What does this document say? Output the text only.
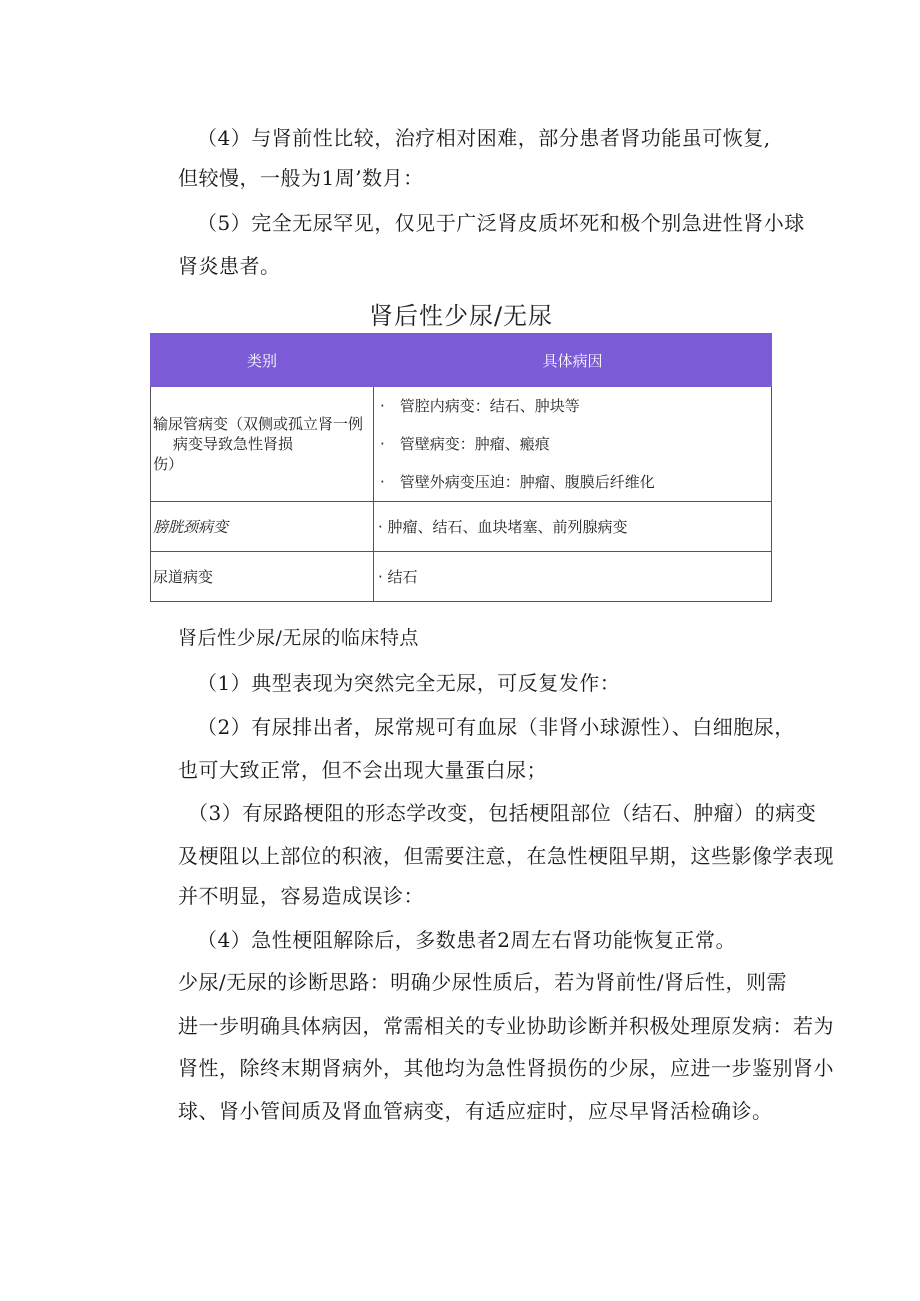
（4）与肾前性比较，治疗相对困难，部分患者肾功能虽可恢复,
但较慢，一般为1周’数月：
（5）完全无尿罕见，仅见于广泛肾皮质坏死和极个别急进性肾小球
肾炎患者。
肾后性少尿/无尿
类别	具体病因

输尿管病变（双侧或孤立肾一例
病变导致急性肾损
伤）	·　管腔内病变：结石、肿块等
·　管壁病变：肿瘤、瘢痕
·　管壁外病变压迫：肿瘤、腹膜后纤维化

膀胱颈病变	· 肿瘤、结石、血块堵塞、前列腺病变
尿道病变	· 结石
肾后性少尿/无尿的临床特点
（1）典型表现为突然完全无尿，可反复发作：
（2）有尿排出者，尿常规可有血尿（非肾小球源性）、白细胞尿，
也可大致正常，但不会出现大量蛋白尿；
（3）有尿路梗阻的形态学改变，包括梗阻部位（结石、肿瘤）的病变
及梗阻以上部位的积液，但需要注意，在急性梗阻早期，这些影像学表现
并不明显，容易造成误诊：
（4）急性梗阻解除后，多数患者2周左右肾功能恢复正常。
少尿/无尿的诊断思路：明确少尿性质后，若为肾前性/肾后性，则需
进一步明确具体病因，常需相关的专业协助诊断并积极处理原发病：若为
肾性，除终末期肾病外，其他均为急性肾损伤的少尿，应进一步鉴别肾小
球、肾小管间质及肾血管病变，有适应症时，应尽早肾活检确诊。
